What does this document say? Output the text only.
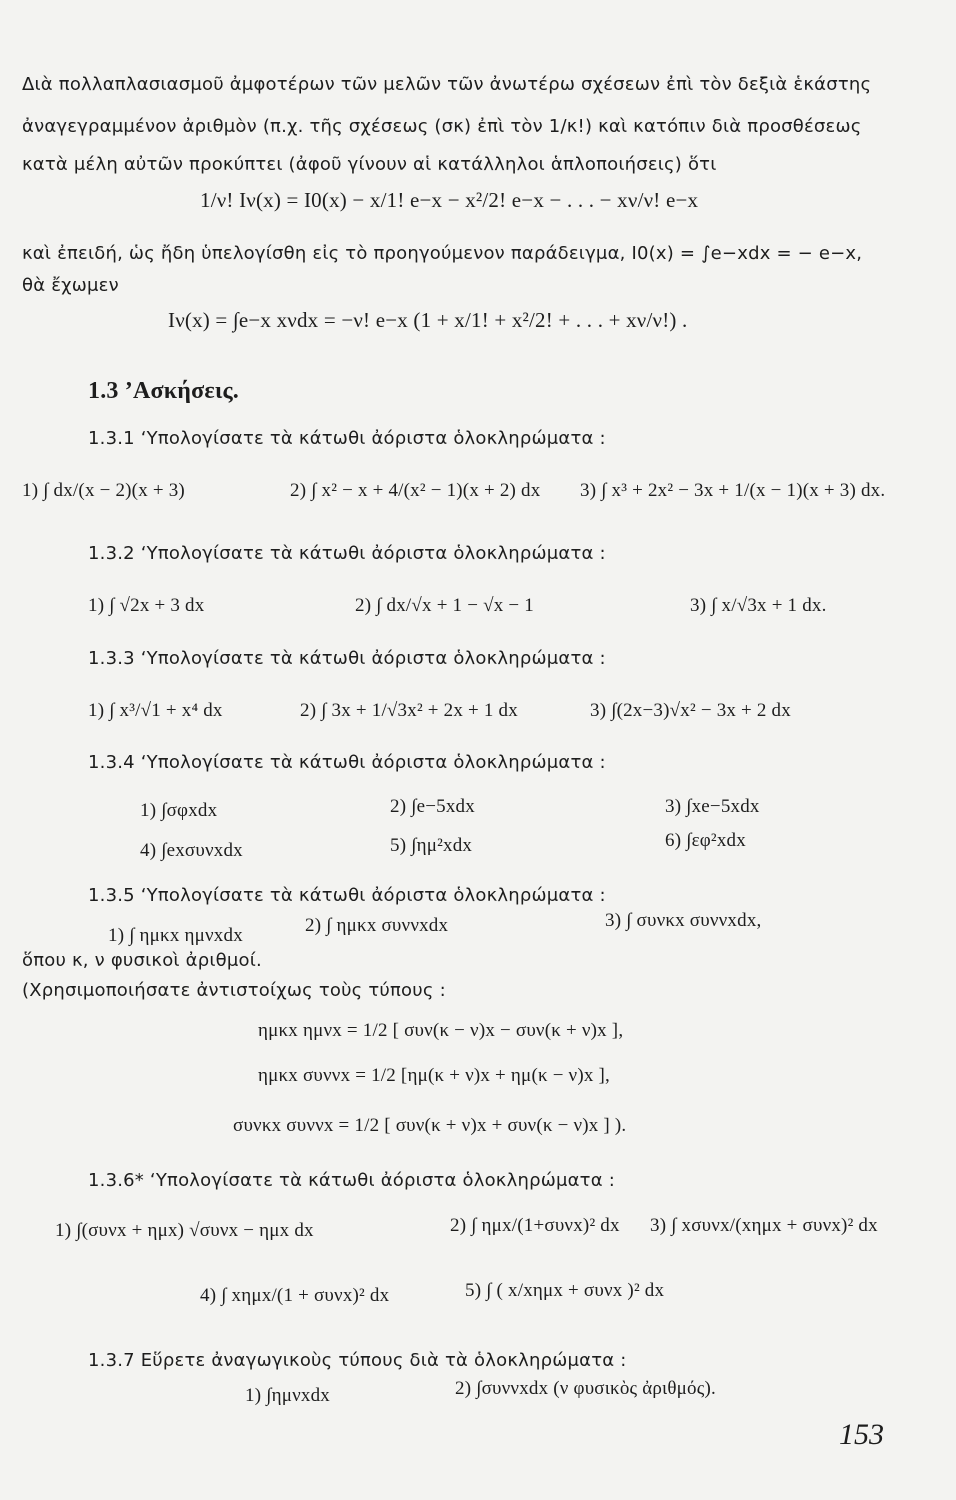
Διὰ πολλαπλασιασμοῦ ἀμφοτέρων τῶν μελῶν τῶν ἀνωτέρω σχέσεων ἐπὶ τὸν δεξιὰ ἑκάστης
ἀναγεγραμμένον ἀριθμὸν (π.χ. τῆς σχέσεως (σκ) ἐπὶ τὸν 1/κ!) καὶ κατόπιν διὰ προσθέσεως
κατὰ μέλη αὐτῶν προκύπτει (ἀφοῦ γίνουν αἱ κατάλληλοι ἁπλοποιήσεις) ὅτι
1/ν! Iν(x) = I0(x) − x/1! e−x − x²/2! e−x − . . . − xν/ν! e−x
καὶ ἐπειδή, ὡς ἤδη ὑπελογίσθη εἰς τὸ προηγούμενον παράδειγμα, I0(x) = ∫e−xdx = − e−x,
θὰ ἔχωμεν
Iν(x) = ∫e−x xνdx = −ν! e−x (1 + x/1! + x²/2! + . . . + xν/ν!) .
1.3 ’Ασκήσεις.
1.3.1 ‘Υπολογίσατε τὰ κάτωθι ἀόριστα ὁλοκληρώματα :
1) ∫ dx/(x − 2)(x + 3)	2) ∫ x² − x + 4/(x² − 1)(x + 2) dx 3) ∫ x³ + 2x² − 3x + 1/(x − 1)(x + 3) dx.
1.3.2 ‘Υπολογίσατε τὰ κάτωθι ἀόριστα ὁλοκληρώματα :
1) ∫ √2x + 3 dx	2) ∫ dx/√x + 1 − √x − 1	3) ∫ x/√3x + 1 dx.
1.3.3 ‘Υπολογίσατε τὰ κάτωθι ἀόριστα ὁλοκληρώματα :
1) ∫ x³/√1 + x⁴ dx	2) ∫ 3x + 1/√3x² + 2x + 1 dx	3) ∫(2x−3)√x² − 3x + 2 dx
1.3.4 ‘Υπολογίσατε τὰ κάτωθι ἀόριστα ὁλοκληρώματα :
1) ∫σφxdx	2) ∫e−5xdx	3) ∫xe−5xdx
4) ∫exσυνxdx	5) ∫ημ²xdx	6) ∫εφ²xdx
1.3.5 ‘Υπολογίσατε τὰ κάτωθι ἀόριστα ὁλοκληρώματα :
1) ∫ ημκx ημνxdx	2) ∫ ημκx συννxdx	3) ∫ συνκx συννxdx,
ὅπου κ, ν φυσικοὶ ἀριθμοί.
(Χρησιμοποιήσατε ἀντιστοίχως τοὺς τύπους :
ημκx ημνx = 1/2 [ συν(κ − ν)x − συν(κ + ν)x ],
ημκx συννx = 1/2 [ημ(κ + ν)x + ημ(κ − ν)x ],
συνκx συννx = 1/2 [ συν(κ + ν)x + συν(κ − ν)x ] ).
1.3.6* ‘Υπολογίσατε τὰ κάτωθι ἀόριστα ὁλοκληρώματα :
1) ∫(συνx + ημx) √συνx − ημx dx	2) ∫ ημx/(1+συνx)² dx 3) ∫ xσυνx/(xημx + συνx)² dx
4) ∫ xημx/(1 + συνx)² dx	5) ∫ ( x/xημx + συνx )² dx
1.3.7 Εὕρετε ἀναγωγικοὺς τύπους διὰ τὰ ὁλοκληρώματα :
1) ∫ημνxdx	2) ∫συννxdx (ν φυσικὸς ἀριθμός).
153
